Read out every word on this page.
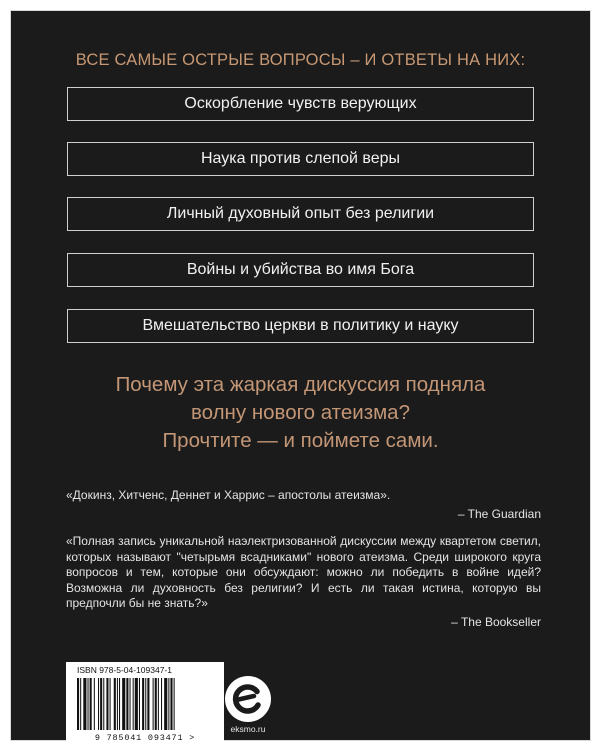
ВСЕ САМЫЕ ОСТРЫЕ ВОПРОСЫ – И ОТВЕТЫ НА НИХ:
Оскорбление чувств верующих
Наука против слепой веры
Личный духовный опыт без религии
Войны и убийства во имя Бога
Вмешательство церкви в политику и науку
Почему эта жаркая дискуссия подняла
волну нового атеизма?
Прочтите — и поймете сами.
«Докинз, Хитченс, Деннет и Харрис – апостолы атеизма».
– The Guardian
«Полная запись уникальной наэлектризованной дискуссии между квартетом светил, которых называют "четырьмя всадниками" нового атеизма. Среди широкого круга вопросов и тем, которые они обсуждают: можно ли победить в войне идей? Возможна ли духовность без религии? И есть ли такая истина, которую вы предпочли бы не знать?»
– The Bookseller
ISBN 978-5-04-109347-1
9 785041 093471 >
eksmo.ru
